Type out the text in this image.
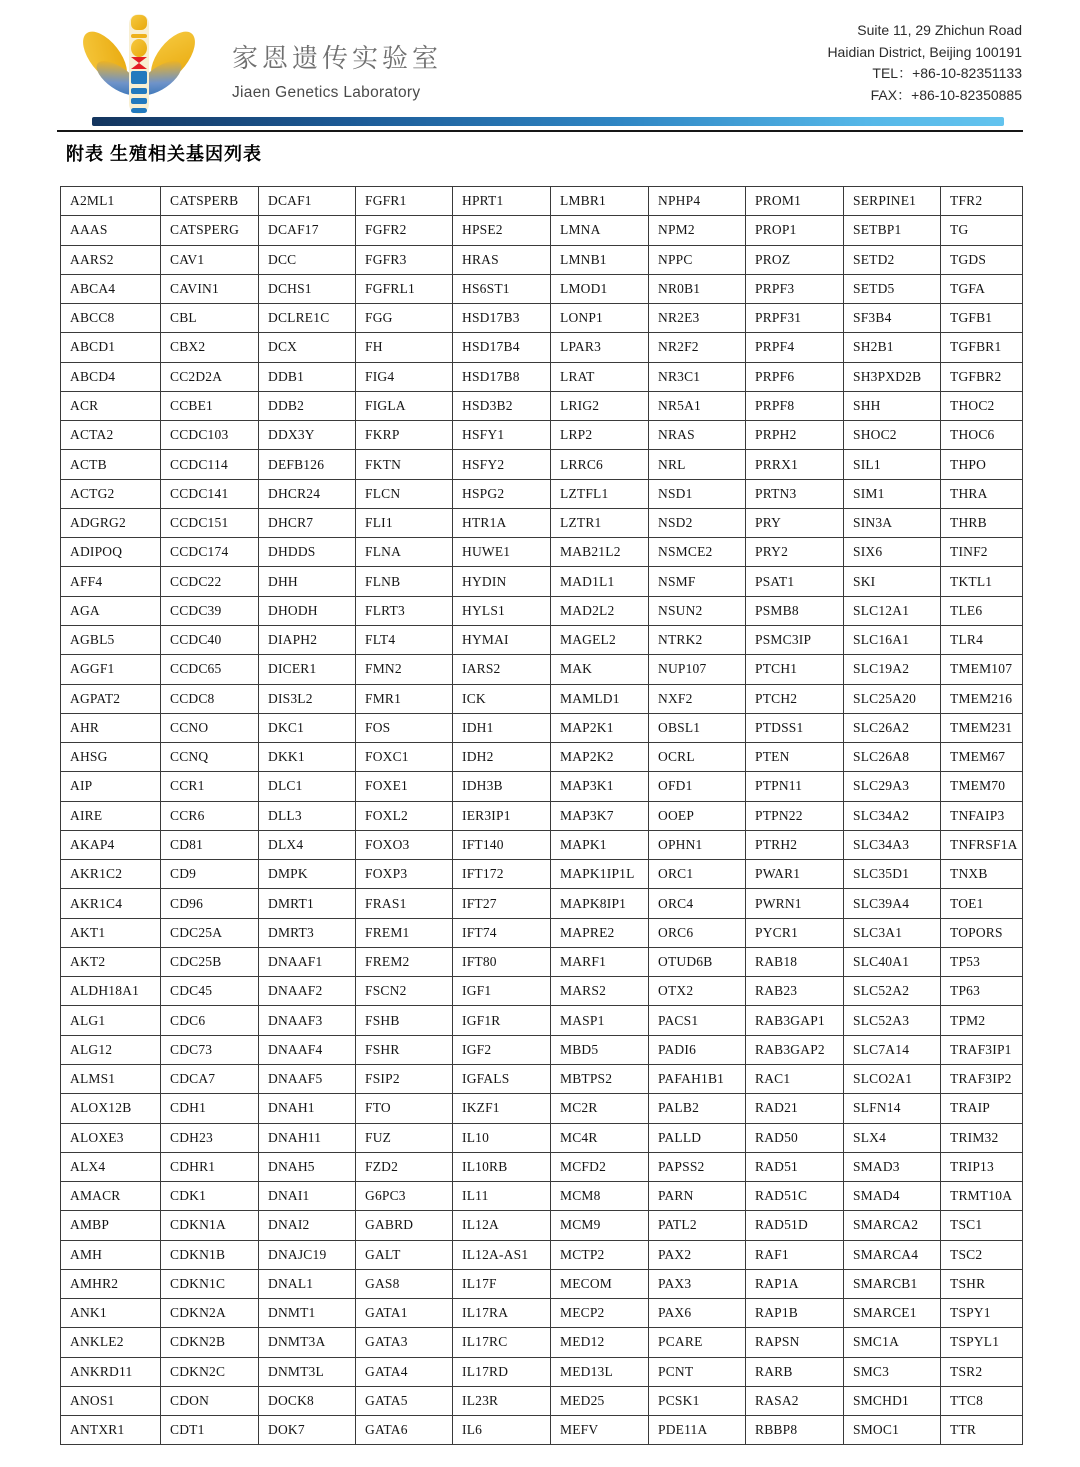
家恩遗传实验室
Jiaen Genetics Laboratory
Suite 11, 29 Zhichun Road
Haidian District, Beijing 100191
TEL：+86-10-82351133
FAX：+86-10-82350885
附表 生殖相关基因列表
A2ML1	CATSPERB	DCAF1	FGFR1	HPRT1	LMBR1	NPHP4	PROM1	SERPINE1	TFR2
AAAS	CATSPERG	DCAF17	FGFR2	HPSE2	LMNA	NPM2	PROP1	SETBP1	TG
AARS2	CAV1	DCC	FGFR3	HRAS	LMNB1	NPPC	PROZ	SETD2	TGDS
ABCA4	CAVIN1	DCHS1	FGFRL1	HS6ST1	LMOD1	NR0B1	PRPF3	SETD5	TGFA
ABCC8	CBL	DCLRE1C	FGG	HSD17B3	LONP1	NR2E3	PRPF31	SF3B4	TGFB1
ABCD1	CBX2	DCX	FH	HSD17B4	LPAR3	NR2F2	PRPF4	SH2B1	TGFBR1
ABCD4	CC2D2A	DDB1	FIG4	HSD17B8	LRAT	NR3C1	PRPF6	SH3PXD2B	TGFBR2
ACR	CCBE1	DDB2	FIGLA	HSD3B2	LRIG2	NR5A1	PRPF8	SHH	THOC2
ACTA2	CCDC103	DDX3Y	FKRP	HSFY1	LRP2	NRAS	PRPH2	SHOC2	THOC6
ACTB	CCDC114	DEFB126	FKTN	HSFY2	LRRC6	NRL	PRRX1	SIL1	THPO
ACTG2	CCDC141	DHCR24	FLCN	HSPG2	LZTFL1	NSD1	PRTN3	SIM1	THRA
ADGRG2	CCDC151	DHCR7	FLI1	HTR1A	LZTR1	NSD2	PRY	SIN3A	THRB
ADIPOQ	CCDC174	DHDDS	FLNA	HUWE1	MAB21L2	NSMCE2	PRY2	SIX6	TINF2
AFF4	CCDC22	DHH	FLNB	HYDIN	MAD1L1	NSMF	PSAT1	SKI	TKTL1
AGA	CCDC39	DHODH	FLRT3	HYLS1	MAD2L2	NSUN2	PSMB8	SLC12A1	TLE6
AGBL5	CCDC40	DIAPH2	FLT4	HYMAI	MAGEL2	NTRK2	PSMC3IP	SLC16A1	TLR4
AGGF1	CCDC65	DICER1	FMN2	IARS2	MAK	NUP107	PTCH1	SLC19A2	TMEM107
AGPAT2	CCDC8	DIS3L2	FMR1	ICK	MAMLD1	NXF2	PTCH2	SLC25A20	TMEM216
AHR	CCNO	DKC1	FOS	IDH1	MAP2K1	OBSL1	PTDSS1	SLC26A2	TMEM231
AHSG	CCNQ	DKK1	FOXC1	IDH2	MAP2K2	OCRL	PTEN	SLC26A8	TMEM67
AIP	CCR1	DLC1	FOXE1	IDH3B	MAP3K1	OFD1	PTPN11	SLC29A3	TMEM70
AIRE	CCR6	DLL3	FOXL2	IER3IP1	MAP3K7	OOEP	PTPN22	SLC34A2	TNFAIP3
AKAP4	CD81	DLX4	FOXO3	IFT140	MAPK1	OPHN1	PTRH2	SLC34A3	TNFRSF1A
AKR1C2	CD9	DMPK	FOXP3	IFT172	MAPK1IP1L	ORC1	PWAR1	SLC35D1	TNXB
AKR1C4	CD96	DMRT1	FRAS1	IFT27	MAPK8IP1	ORC4	PWRN1	SLC39A4	TOE1
AKT1	CDC25A	DMRT3	FREM1	IFT74	MAPRE2	ORC6	PYCR1	SLC3A1	TOPORS
AKT2	CDC25B	DNAAF1	FREM2	IFT80	MARF1	OTUD6B	RAB18	SLC40A1	TP53
ALDH18A1	CDC45	DNAAF2	FSCN2	IGF1	MARS2	OTX2	RAB23	SLC52A2	TP63
ALG1	CDC6	DNAAF3	FSHB	IGF1R	MASP1	PACS1	RAB3GAP1	SLC52A3	TPM2
ALG12	CDC73	DNAAF4	FSHR	IGF2	MBD5	PADI6	RAB3GAP2	SLC7A14	TRAF3IP1
ALMS1	CDCA7	DNAAF5	FSIP2	IGFALS	MBTPS2	PAFAH1B1	RAC1	SLCO2A1	TRAF3IP2
ALOX12B	CDH1	DNAH1	FTO	IKZF1	MC2R	PALB2	RAD21	SLFN14	TRAIP
ALOXE3	CDH23	DNAH11	FUZ	IL10	MC4R	PALLD	RAD50	SLX4	TRIM32
ALX4	CDHR1	DNAH5	FZD2	IL10RB	MCFD2	PAPSS2	RAD51	SMAD3	TRIP13
AMACR	CDK1	DNAI1	G6PC3	IL11	MCM8	PARN	RAD51C	SMAD4	TRMT10A
AMBP	CDKN1A	DNAI2	GABRD	IL12A	MCM9	PATL2	RAD51D	SMARCA2	TSC1
AMH	CDKN1B	DNAJC19	GALT	IL12A-AS1	MCTP2	PAX2	RAF1	SMARCA4	TSC2
AMHR2	CDKN1C	DNAL1	GAS8	IL17F	MECOM	PAX3	RAP1A	SMARCB1	TSHR
ANK1	CDKN2A	DNMT1	GATA1	IL17RA	MECP2	PAX6	RAP1B	SMARCE1	TSPY1
ANKLE2	CDKN2B	DNMT3A	GATA3	IL17RC	MED12	PCARE	RAPSN	SMC1A	TSPYL1
ANKRD11	CDKN2C	DNMT3L	GATA4	IL17RD	MED13L	PCNT	RARB	SMC3	TSR2
ANOS1	CDON	DOCK8	GATA5	IL23R	MED25	PCSK1	RASA2	SMCHD1	TTC8
ANTXR1	CDT1	DOK7	GATA6	IL6	MEFV	PDE11A	RBBP8	SMOC1	TTR
